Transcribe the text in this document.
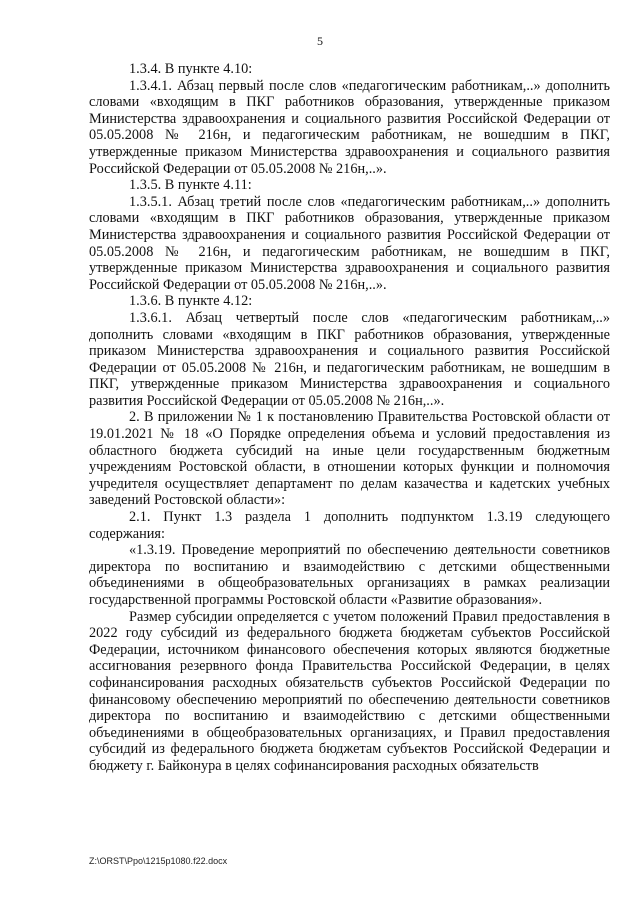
5

1.3.4. В пункте 4.10:

1.3.4.1. Абзац первый после слов «педагогическим работникам,..» дополнить словами «входящим в ПКГ работников образования, утвержденные приказом Министерства здравоохранения и социального развития Российской Федерации от 05.05.2008 № 216н, и педагогическим работникам, не вошедшим в ПКГ, утвержденные приказом Министерства здравоохранения и социального развития Российской Федерации от 05.05.2008 № 216н,..».

1.3.5. В пункте 4.11:

1.3.5.1. Абзац третий после слов «педагогическим работникам,..» дополнить словами «входящим в ПКГ работников образования, утвержденные приказом Министерства здравоохранения и социального развития Российской Федерации от 05.05.2008 № 216н, и педагогическим работникам, не вошедшим в ПКГ, утвержденные приказом Министерства здравоохранения и социального развития Российской Федерации от 05.05.2008 № 216н,..».

1.3.6. В пункте 4.12:

1.3.6.1. Абзац четвертый после слов «педагогическим работникам,..» дополнить словами «входящим в ПКГ работников образования, утвержденные приказом Министерства здравоохранения и социального развития Российской Федерации от 05.05.2008 № 216н, и педагогическим работникам, не вошедшим в ПКГ, утвержденные приказом Министерства здравоохранения и социального развития Российской Федерации от 05.05.2008 № 216н,..».

2. В приложении № 1 к постановлению Правительства Ростовской области от 19.01.2021 № 18 «О Порядке определения объема и условий предоставления из областного бюджета субсидий на иные цели государственным бюджетным учреждениям Ростовской области, в отношении которых функции и полномочия учредителя осуществляет департамент по делам казачества и кадетских учебных заведений Ростовской области»:

2.1. Пункт 1.3 раздела 1 дополнить подпунктом 1.3.19 следующего содержания:

«1.3.19. Проведение мероприятий по обеспечению деятельности советников директора по воспитанию и взаимодействию с детскими общественными объединениями в общеобразовательных организациях в рамках реализации государственной программы Ростовской области «Развитие образования».

Размер субсидии определяется с учетом положений Правил предоставления в 2022 году субсидий из федерального бюджета бюджетам субъектов Российской Федерации, источником финансового обеспечения которых являются бюджетные ассигнования резервного фонда Правительства Российской Федерации, в целях софинансирования расходных обязательств субъектов Российской Федерации по финансовому обеспечению мероприятий по обеспечению деятельности советников директора по воспитанию и взаимодействию с детскими общественными объединениями в общеобразовательных организациях, и Правил предоставления субсидий из федерального бюджета бюджетам субъектов Российской Федерации и бюджету г. Байконура в целях софинансирования расходных обязательств

Z:\ORST\Ppo\1215p1080.f22.docx
